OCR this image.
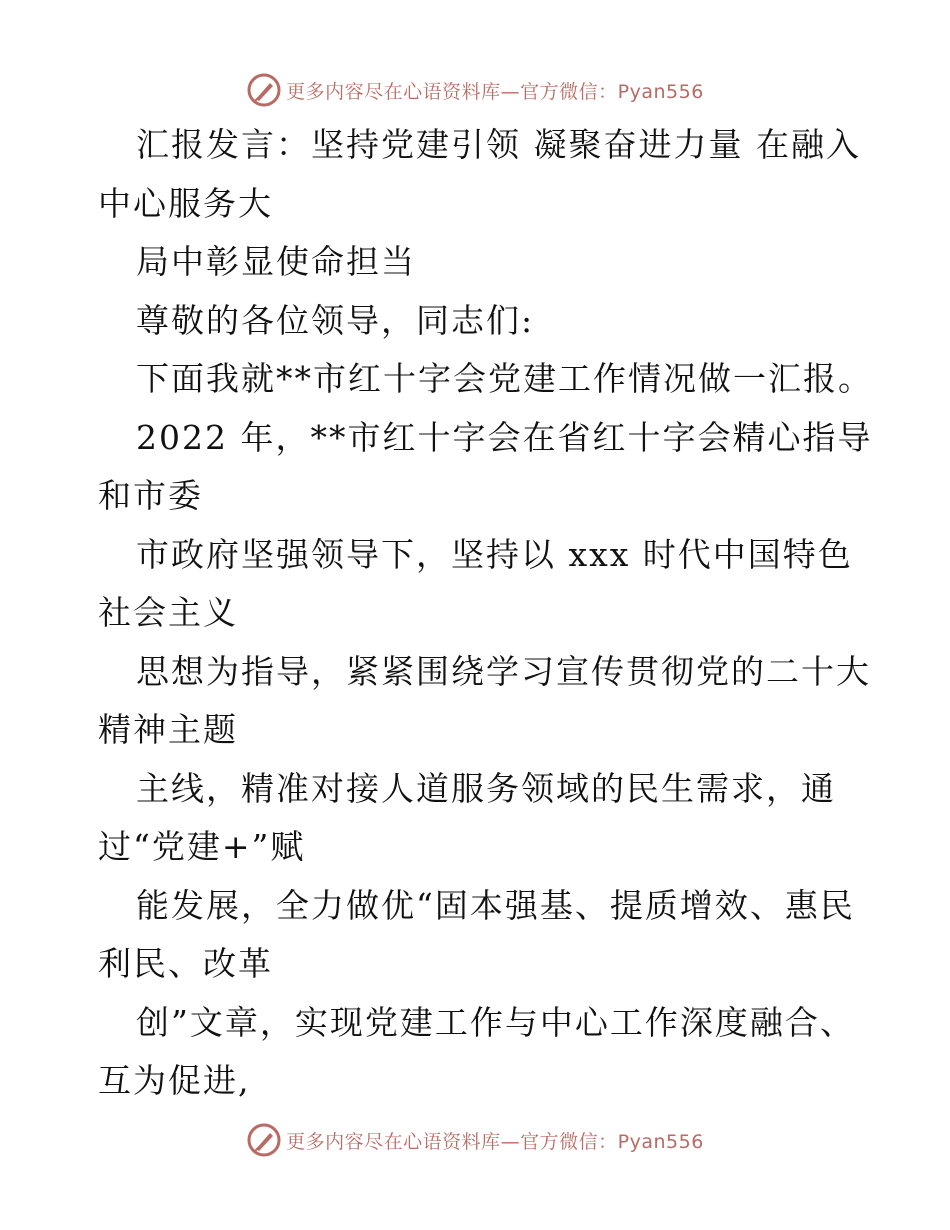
更多内容尽在心语资料库—官方微信：Pyan556
汇报发言：坚持党建引领 凝聚奋进力量 在融入
中心服务大
局中彰显使命担当
尊敬的各位领导，同志们:
下面我就**市红十字会党建工作情况做一汇报。
2022 年，**市红十字会在省红十字会精心指导
和市委
市政府坚强领导下，坚持以 xxx 时代中国特色
社会主义
思想为指导，紧紧围绕学习宣传贯彻党的二十大
精神主题
主线，精准对接人道服务领域的民生需求，通
过“党建+”赋
能发展，全力做优“固本强基、提质增效、惠民
利民、改革
创”文章，实现党建工作与中心工作深度融合、
互为促进,
更多内容尽在心语资料库—官方微信：Pyan556
